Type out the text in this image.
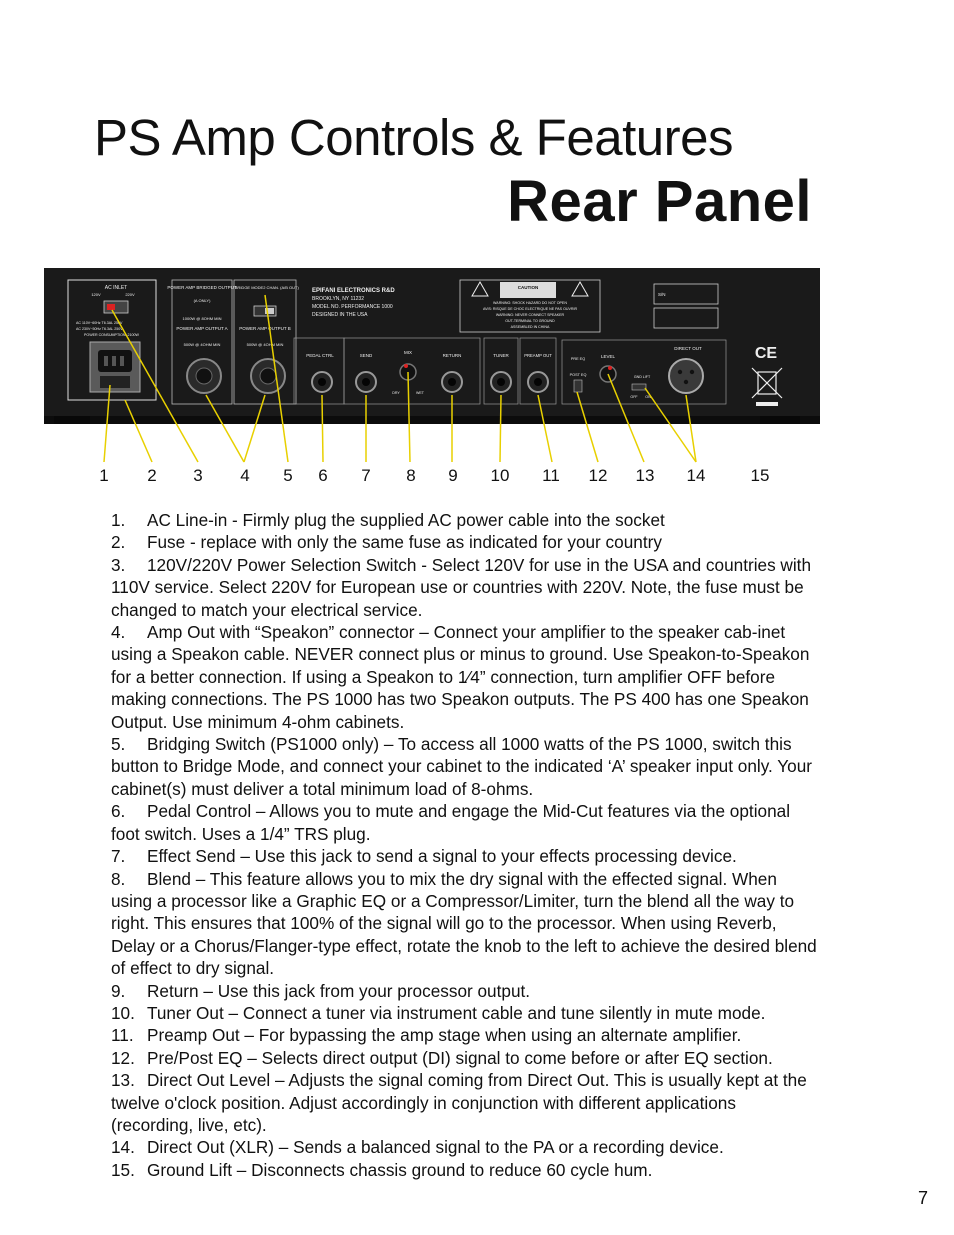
PS Amp Controls & Features
Rear Panel
AC INLET
120V	220V
AC 110V~60Hz T6.3AL 250V
AC 230V~50Hz T6.3AL 250V
POWER CONSUMPTION: 2100W
POWER AMP BRIDGED OUTPUT
(A ONLY)
1000W @ 8OHM MIN
POWER AMP OUTPUT A
500W @ 4OHM MIN
BRIDGE MODE 2 CHAN. (A/B OUT)
POWER AMP OUTPUT B
500W @ 4OHM MIN
EPIFANI ELECTRONICS R&D
BROOKLYN, NY 11232
MODEL NO. PERFORMANCE 1000
DESIGNED IN THE USA
CAUTION
WARNING: SHOCK HAZARD DO NOT OPEN
AVIS: RISQUE DE CHOC ELECTRIQUE NE PAS OUVRIR
WARNING: NEVER CONNECT SPEAKER
OUT-TERMINAL TO GROUND
ASSEMBLED IN CHINA
S/N
PEDAL CTRL	SEND
MIX
DRY	WET
RETURN	TUNER	PREAMP OUT
PRE EQ
POST EQ
LEVEL
GND LIFT
OFF ON
DIRECT OUT	CE
1 2 3 4 5 6 7 8 9 10 11 12 13 14	15
1. AC Line-in - Firmly plug the supplied AC power cable into the socket
2. Fuse - replace with only the same fuse as indicated for your country
3. 120V/220V Power Selection Switch - Select 120V for use in the USA and countries with 110V service. Select 220V for European use or countries with 220V. Note, the fuse must be changed to match your electrical service.
4. Amp Out with “Speakon” connector – Connect your amplifier to the speaker cab-inet using a Speakon cable. NEVER connect plus or minus to ground. Use Speakon-to-Speakon for a better connection. If using a Speakon to 1⁄4” connection, turn amplifier OFF before making connections. The PS 1000 has two Speakon outputs. The PS 400 has one Speakon Output. Use minimum 4-ohm cabinets.
5. Bridging Switch (PS1000 only) – To access all 1000 watts of the PS 1000, switch this button to Bridge Mode, and connect your cabinet to the indicated ‘A’ speaker input only. Your cabinet(s) must deliver a total minimum load of 8-ohms.
6. Pedal Control – Allows you to mute and engage the Mid-Cut features via the optional foot switch. Uses a 1/4” TRS plug.
7. Effect Send – Use this jack to send a signal to your effects processing device.
8. Blend – This feature allows you to mix the dry signal with the effected signal. When using a processor like a Graphic EQ or a Compressor/Limiter, turn the blend all the way to right. This ensures that 100% of the signal will go to the processor. When using Reverb, Delay or a Chorus/Flanger-type effect, rotate the knob to the left to achieve the desired blend of effect to dry signal.
9. Return – Use this jack from your processor output.
10. Tuner Out – Connect a tuner via instrument cable and tune silently in mute mode.
11. Preamp Out – For bypassing the amp stage when using an alternate amplifier.
12. Pre/Post EQ – Selects direct output (DI) signal to come before or after EQ section.
13. Direct Out Level – Adjusts the signal coming from Direct Out. This is usually kept at the twelve o'clock position. Adjust accordingly in conjunction with different applications (recording, live, etc).
14. Direct Out (XLR) – Sends a balanced signal to the PA or a recording device.
15. Ground Lift – Disconnects chassis ground to reduce 60 cycle hum.
7
